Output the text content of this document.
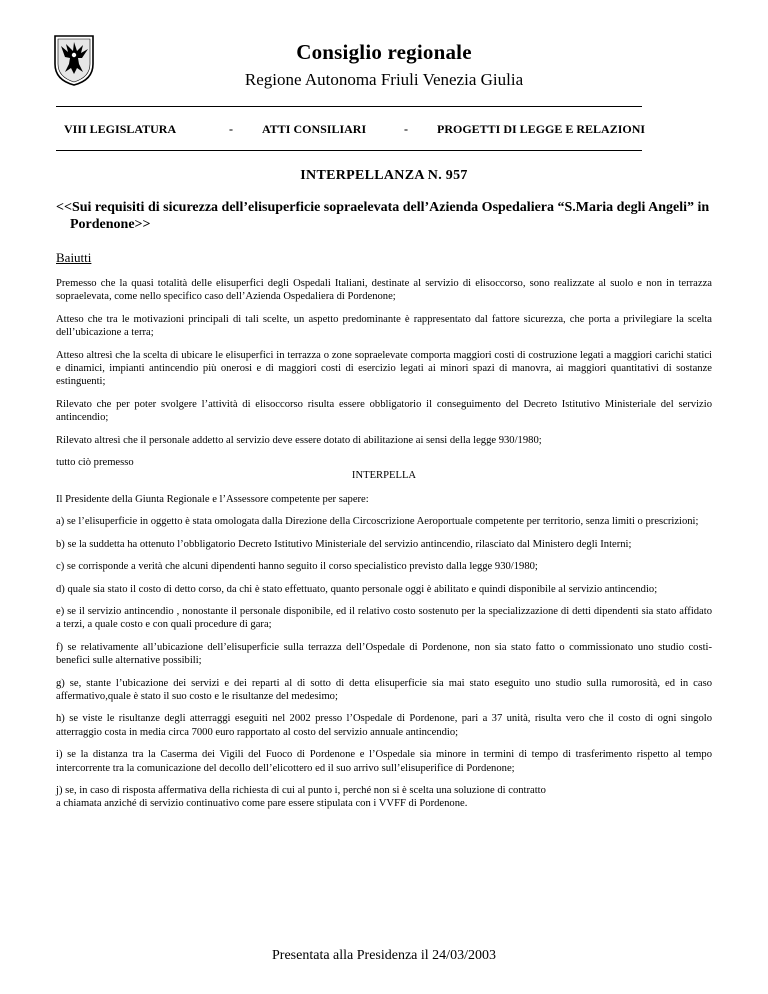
Consiglio regionale
Regione Autonoma Friuli Venezia Giulia
VIII LEGISLATURA	- ATTI CONSILIARI	- PROGETTI DI LEGGE E RELAZIONI
INTERPELLANZA N. 957
<<Sui requisiti di sicurezza dell’elisuperficie sopraelevata dell’Azienda Ospedaliera “S.Maria degli Angeli” in Pordenone>>
Baiutti

Premesso che la quasi totalità delle elisuperfici degli Ospedali Italiani, destinate al servizio di elisoccorso, sono realizzate al suolo e non in terrazza sopraelevata, come nello specifico caso dell’Azienda Ospedaliera di Pordenone;

Atteso che tra le motivazioni principali di tali scelte, un aspetto predominante è rappresentato dal fattore sicurezza, che porta a privilegiare la scelta dell’ubicazione a terra;

Atteso altresì che la scelta di ubicare le elisuperfici in terrazza o zone sopraelevate comporta maggiori costi di costruzione legati a maggiori carichi statici e dinamici, impianti antincendio più onerosi e di maggiori costi di esercizio legati ai minori spazi di manovra, ai maggiori quantitativi di sostanze estinguenti;

Rilevato che per poter svolgere l’attività di elisoccorso risulta essere obbligatorio il conseguimento del Decreto Istitutivo Ministeriale del servizio antincendio;

Rilevato altresì che il personale addetto al servizio deve essere dotato di abilitazione ai sensi della legge 930/1980;

tutto ciò premesso

INTERPELLA

Il Presidente della Giunta Regionale e l’Assessore competente per sapere:

a) se l’elisuperficie in oggetto è stata omologata dalla Direzione della Circoscrizione Aeroportuale competente per territorio, senza limiti o prescrizioni;

b) se la suddetta ha ottenuto l’obbligatorio Decreto Istitutivo Ministeriale del servizio antincendio, rilasciato dal Ministero degli Interni;

c) se corrisponde a verità che alcuni dipendenti hanno seguito il corso specialistico previsto dalla legge 930/1980;

d) quale sia stato il costo di detto corso, da chi è stato effettuato, quanto personale oggi è abilitato e quindi disponibile al servizio antincendio;

e) se il servizio antincendio , nonostante il personale disponibile, ed il relativo costo sostenuto per la specializzazione di detti dipendenti sia stato affidato a terzi, a quale costo e con quali procedure di gara;

f) se relativamente all’ubicazione dell’elisuperficie sulla terrazza dell’Ospedale di Pordenone, non sia stato fatto o commissionato uno studio costi-benefici sulle alternative possibili;

g) se, stante l’ubicazione dei servizi e dei reparti al di sotto di detta elisuperficie sia mai stato eseguito uno studio sulla rumorosità, ed in caso affermativo,quale è stato il suo costo e le risultanze del medesimo;

h) se viste le risultanze degli atterraggi eseguiti nel 2002 presso l’Ospedale di Pordenone, pari a 37 unità, risulta vero che il costo di ogni singolo atterraggio costa in media circa 7000 euro rapportato al costo del servizio annuale antincendio;

i) se la distanza tra la Caserma dei Vigili del Fuoco di Pordenone e l’Ospedale sia minore in termini di tempo di trasferimento rispetto al tempo intercorrente tra la comunicazione del decollo dell’elicottero ed il suo arrivo sull’elisuperifice di Pordenone;

j) se, in caso di risposta affermativa della richiesta di cui al punto i, perché non si è scelta una soluzione di contratto
a chiamata anziché di servizio continuativo come pare essere stipulata con i VVFF di Pordenone.

Presentata alla Presidenza il 24/03/2003
